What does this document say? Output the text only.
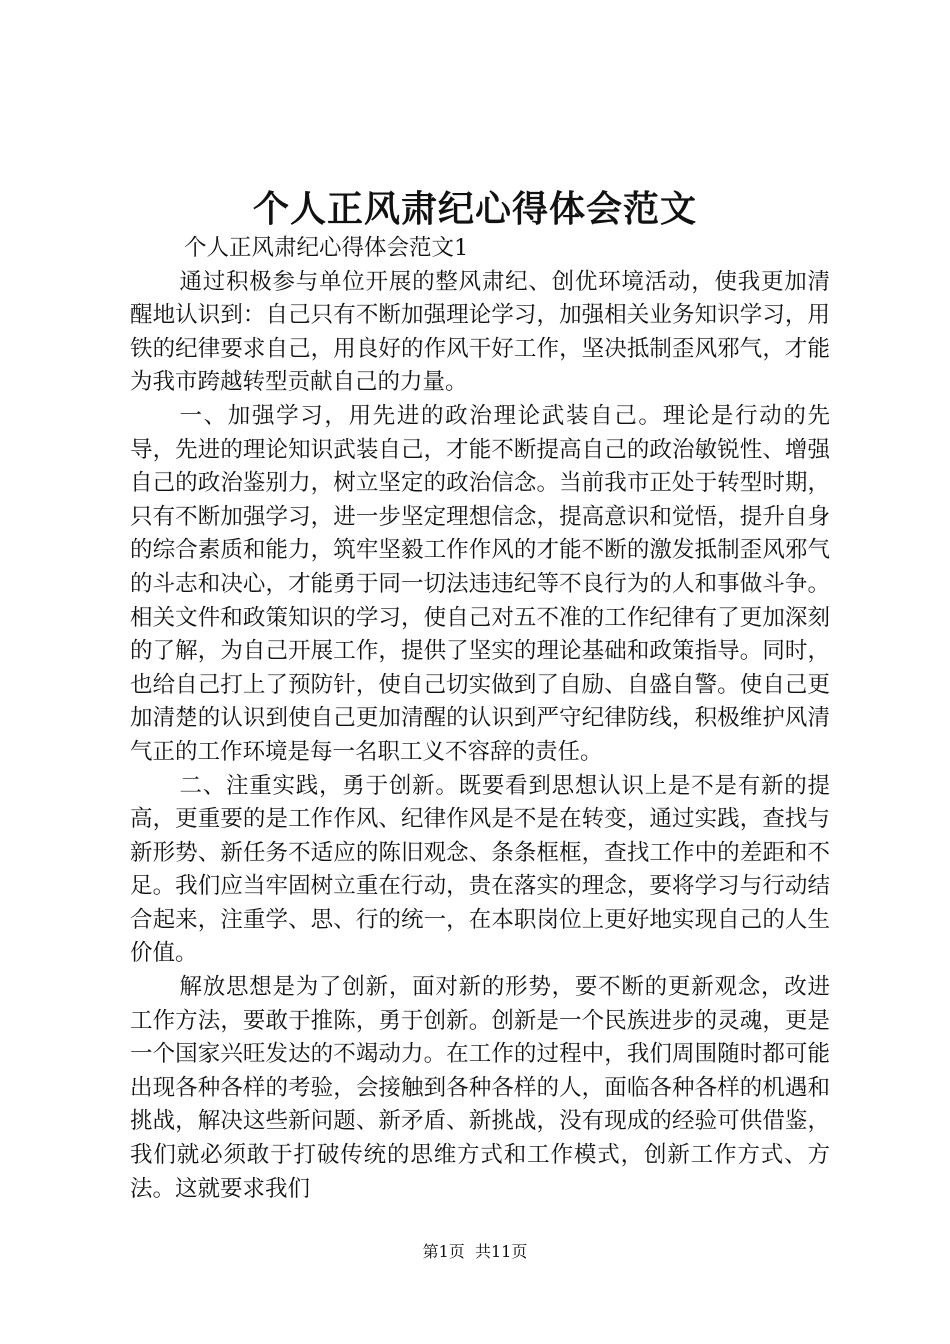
个人正风肃纪心得体会范文

个人正风肃纪心得体会范文1

通过积极参与单位开展的整风肃纪、创优环境活动，使我更加清醒地认识到：自己只有不断加强理论学习，加强相关业务知识学习，用铁的纪律要求自己，用良好的作风干好工作，坚决抵制歪风邪气，才能为我市跨越转型贡献自己的力量。

一、加强学习，用先进的政治理论武装自己。理论是行动的先导，先进的理论知识武装自己，才能不断提高自己的政治敏锐性、增强自己的政治鉴别力，树立坚定的政治信念。当前我市正处于转型时期，只有不断加强学习，进一步坚定理想信念，提高意识和觉悟，提升自身的综合素质和能力，筑牢坚毅工作作风的才能不断的激发抵制歪风邪气的斗志和决心，才能勇于同一切法违违纪等不良行为的人和事做斗争。相关文件和政策知识的学习，使自己对五不准的工作纪律有了更加深刻的了解，为自己开展工作，提供了坚实的理论基础和政策指导。同时，也给自己打上了预防针，使自己切实做到了自励、自盛自警。使自己更加清楚的认识到使自己更加清醒的认识到严守纪律防线，积极维护风清气正的工作环境是每一名职工义不容辞的责任。

二、注重实践，勇于创新。既要看到思想认识上是不是有新的提高，更重要的是工作作风、纪律作风是不是在转变，通过实践，查找与新形势、新任务不适应的陈旧观念、条条框框，查找工作中的差距和不足。我们应当牢固树立重在行动，贵在落实的理念，要将学习与行动结合起来，注重学、思、行的统一，在本职岗位上更好地实现自己的人生价值。

解放思想是为了创新，面对新的形势，要不断的更新观念，改进工作方法，要敢于推陈，勇于创新。创新是一个民族进步的灵魂，更是一个国家兴旺发达的不竭动力。在工作的过程中，我们周围随时都可能出现各种各样的考验，会接触到各种各样的人，面临各种各样的机遇和挑战，解决这些新问题、新矛盾、新挑战，没有现成的经验可供借鉴，我们就必须敢于打破传统的思维方式和工作模式，创新工作方式、方法。这就要求我们

第1页 共11页
